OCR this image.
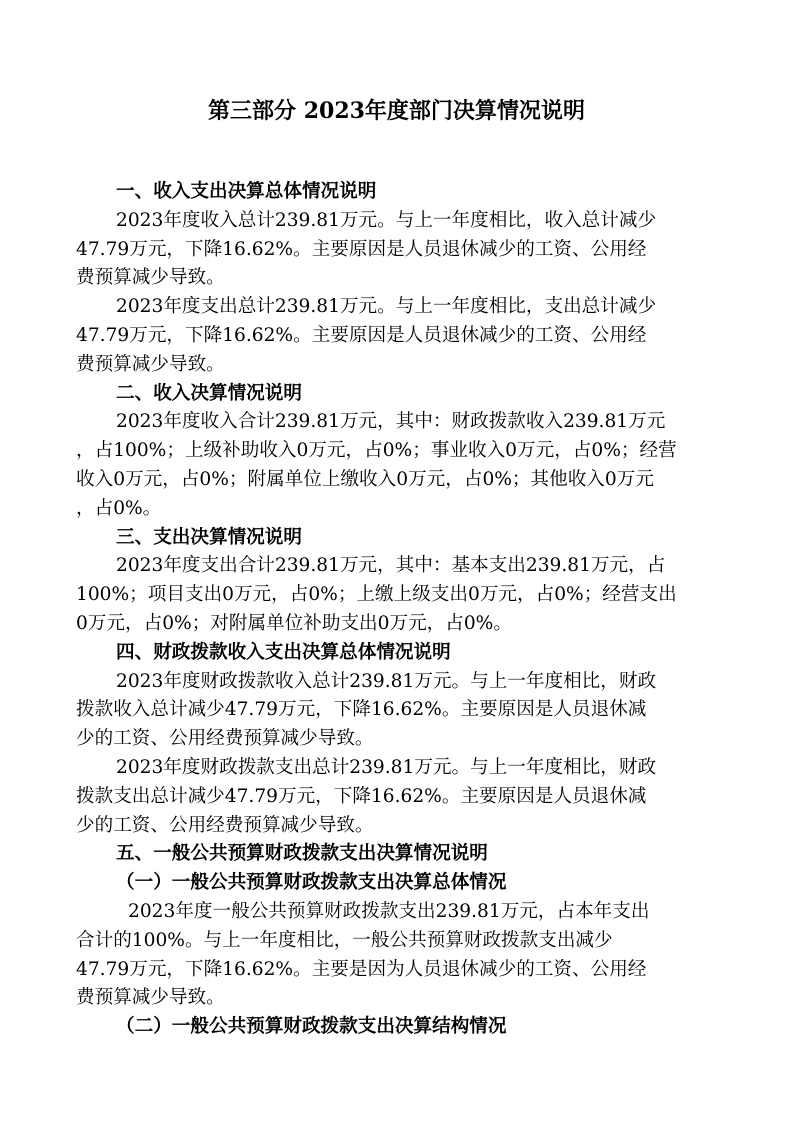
第三部分 2023年度部门决算情况说明

一、收入支出决算总体情况说明

2023年度收入总计239.81万元。与上一年度相比，收入总计减少
47.79万元，下降16.62%。主要原因是人员退休减少的工资、公用经
费预算减少导致。

2023年度支出总计239.81万元。与上一年度相比，支出总计减少
47.79万元，下降16.62%。主要原因是人员退休减少的工资、公用经
费预算减少导致。

二、收入决算情况说明

2023年度收入合计239.81万元，其中：财政拨款收入239.81万元
，占100%；上级补助收入0万元，占0%；事业收入0万元，占0%；经营
收入0万元，占0%；附属单位上缴收入0万元，占0%；其他收入0万元
，占0%。

三、支出决算情况说明

2023年度支出合计239.81万元，其中：基本支出239.81万元，占
100%；项目支出0万元，占0%；上缴上级支出0万元，占0%；经营支出
0万元，占0%；对附属单位补助支出0万元，占0%。

四、财政拨款收入支出决算总体情况说明

2023年度财政拨款收入总计239.81万元。与上一年度相比，财政
拨款收入总计减少47.79万元，下降16.62%。主要原因是人员退休减
少的工资、公用经费预算减少导致。

2023年度财政拨款支出总计239.81万元。与上一年度相比，财政
拨款支出总计减少47.79万元，下降16.62%。主要原因是人员退休减
少的工资、公用经费预算减少导致。

五、一般公共预算财政拨款支出决算情况说明

（一）一般公共预算财政拨款支出决算总体情况

2023年度一般公共预算财政拨款支出239.81万元，占本年支出
合计的100%。与上一年度相比，一般公共预算财政拨款支出减少
47.79万元，下降16.62%。主要是因为人员退休减少的工资、公用经
费预算减少导致。

（二）一般公共预算财政拨款支出决算结构情况
